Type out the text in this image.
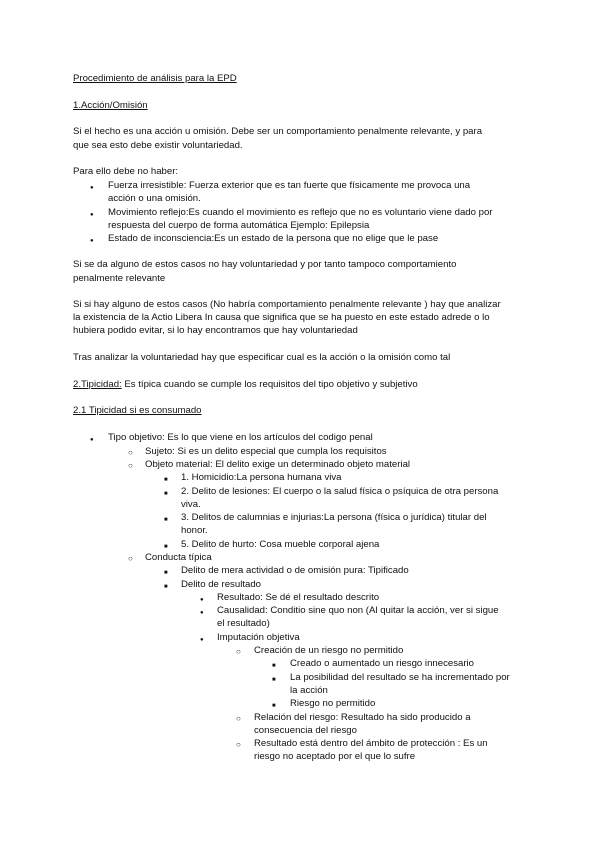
Procedimiento de análisis para la EPD
1.Acción/Omisión
Si el hecho es una acción u omisión. Debe ser un comportamiento penalmente relevante, y para
que sea esto debe existir voluntariedad.
Para ello debe no haber:
●
Fuerza irresistible: Fuerza exterior que es tan fuerte que físicamente me provoca una
acción o una omisión.
●
Movimiento reflejo:Es cuando el movimiento es reflejo que no es voluntario viene dado por
respuesta del cuerpo de forma automática Ejemplo: Epilepsia
●
Estado de inconsciencia:Es un estado de la persona que no elige que le pase
Si se da alguno de estos casos no hay voluntariedad y por tanto tampoco comportamiento
penalmente relevante
Si si hay alguno de estos casos (No habría comportamiento penalmente relevante ) hay que analizar
la existencia de la Actio Libera In causa que significa que se ha puesto en este estado adrede o lo
hubiera podido evitar, si lo hay encontramos que hay voluntariedad
Tras analizar la voluntariedad hay que especificar cual es la acción o la omisión como tal
2.Tipicidad: Es típica cuando se cumple los requisitos del tipo objetivo y subjetivo
2.1 Tipicidad si es consumado
●
Tipo objetivo: Es lo que viene en los artículos del codigo penal
○
Sujeto: Si es un delito especial que cumpla los requisitos
○
Objeto material: El delito exige un determinado objeto material
■
1. Homicidio:La persona humana viva
■
2. Delito de lesiones: El cuerpo o la salud física o psíquica de otra persona
viva.
■
3. Delitos de calumnias e injurias:La persona (física o jurídica) titular del
honor.
■
5. Delito de hurto: Cosa mueble corporal ajena
○
Conducta típica
■
Delito de mera actividad o de omisión pura: Tipificado
■
Delito de resultado
●
Resultado: Se dé el resultado descrito
●
Causalidad: Conditio sine quo non (Al quitar la acción, ver si sigue
el resultado)
●
Imputación objetiva
○
Creación de un riesgo no permitido
■
Creado o aumentado un riesgo innecesario
■
La posibilidad del resultado se ha incrementado por
la acción
■
Riesgo no permitido
○
Relación del riesgo: Resultado ha sido producido a
consecuencia del riesgo
○
Resultado está dentro del ámbito de protección : Es un
riesgo no aceptado por el que lo sufre
